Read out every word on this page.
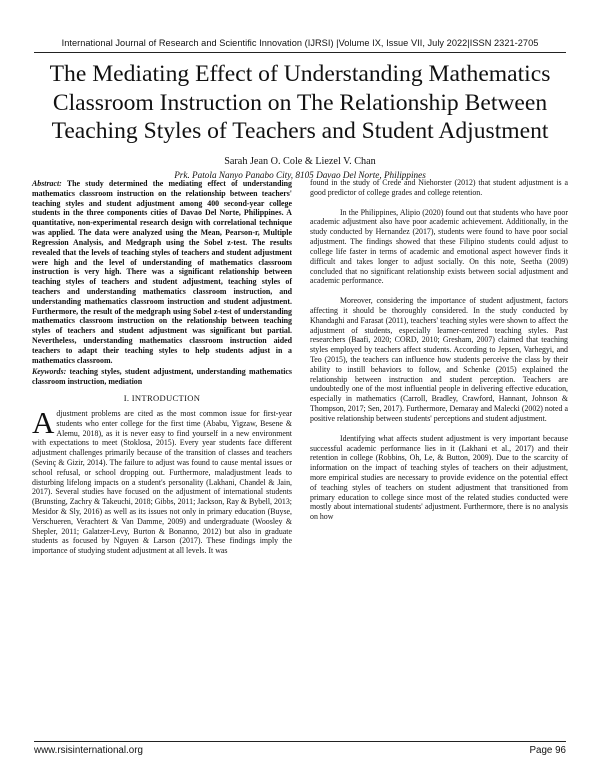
International Journal of Research and Scientific Innovation (IJRSI) |Volume IX, Issue VII, July 2022|ISSN 2321-2705
The Mediating Effect of Understanding Mathematics Classroom Instruction on The Relationship Between Teaching Styles of Teachers and Student Adjustment
Sarah Jean O. Cole & Liezel V. Chan
Prk. Patola Nanyo Panabo City, 8105 Davao Del Norte, Philippines
Abstract: The study determined the mediating effect of understanding mathematics classroom instruction on the relationship between teachers' teaching styles and student adjustment among 400 second-year college students in the three components cities of Davao Del Norte, Philippines. A quantitative, non-experimental research design with correlational technique was applied. The data were analyzed using the Mean, Pearson-r, Multiple Regression Analysis, and Medgraph using the Sobel z-test. The results revealed that the levels of teaching styles of teachers and student adjustment were high and the level of understanding of mathematics classroom instruction is very high. There was a significant relationship between teaching styles of teachers and student adjustment, teaching styles of teachers and understanding mathematics classroom instruction, and understanding mathematics classroom instruction and student adjustment. Furthermore, the result of the medgraph using Sobel z-test of understanding mathematics classroom instruction on the relationship between teaching styles of teachers and student adjustment was significant but partial. Nevertheless, understanding mathematics classroom instruction aided teachers to adapt their teaching styles to help students adjust in a mathematics classroom.
Keywords: teaching styles, student adjustment, understanding mathematics classroom instruction, mediation
I. INTRODUCTION
Adjustment problems are cited as the most common issue for first-year students who enter college for the first time (Ababu, Yigzaw, Besene & Alemu, 2018), as it is never easy to find yourself in a new environment with expectations to meet (Stoklosa, 2015). Every year students face different adjustment challenges primarily because of the transition of classes and teachers (Sevinç & Gizir, 2014). The failure to adjust was found to cause mental issues or school refusal, or school dropping out. Furthermore, maladjustment leads to disturbing lifelong impacts on a student's personality (Lakhani, Chandel & Jain, 2017). Several studies have focused on the adjustment of international students (Brunsting, Zachry & Takeuchi, 2018; Gibbs, 2011; Jackson, Ray & Bybell, 2013; Mesidor & Sly, 2016) as well as its issues not only in primary education (Buyse, Verschueren, Verachtert & Van Damme, 2009) and undergraduate (Woosley & Shepler, 2011; Galatzer-Levy, Burton & Bonanno, 2012) but also in graduate students as focused by Nguyen & Larson (2017). These findings imply the importance of studying student adjustment at all levels. It was
found in the study of Crede and Niehorster (2012) that student adjustment is a good predictor of college grades and college retention.
In the Philippines, Alipio (2020) found out that students who have poor academic adjustment also have poor academic achievement. Additionally, in the study conducted by Hernandez (2017), students were found to have poor social adjustment. The findings showed that these Filipino students could adjust to college life faster in terms of academic and emotional aspect however finds it difficult and takes longer to adjust socially. On this note, Seetha (2009) concluded that no significant relationship exists between social adjustment and academic performance.
Moreover, considering the importance of student adjustment, factors affecting it should be thoroughly considered. In the study conducted by Khandaghi and Farasat (2011), teachers' teaching styles were shown to affect the adjustment of students, especially learner-centered teaching styles. Past researchers (Baafi, 2020; CORD, 2010; Gresham, 2007) claimed that teaching styles employed by teachers affect students. According to Jepsen, Varhegyi, and Teo (2015), the teachers can influence how students perceive the class by their ability to instill behaviors to follow, and Schenke (2015) explained the relationship between instruction and student perception. Teachers are undoubtedly one of the most influential people in delivering effective education, especially in mathematics (Carroll, Bradley, Crawford, Hannant, Johnson & Thompson, 2017; Sen, 2017). Furthermore, Demaray and Malecki (2002) noted a positive relationship between students' perceptions and student adjustment.
Identifying what affects student adjustment is very important because successful academic performance lies in it (Lakhani et al., 2017) and their retention in college (Robbins, Oh, Le, & Button, 2009). Due to the scarcity of information on the impact of teaching styles of teachers on their adjustment, more empirical studies are necessary to provide evidence on the potential effect of teaching styles of teachers on student adjustment that transitioned from primary education to college since most of the related studies conducted were mostly about international students' adjustment. Furthermore, there is no analysis on how
www.rsisinternational.org	Page 96
